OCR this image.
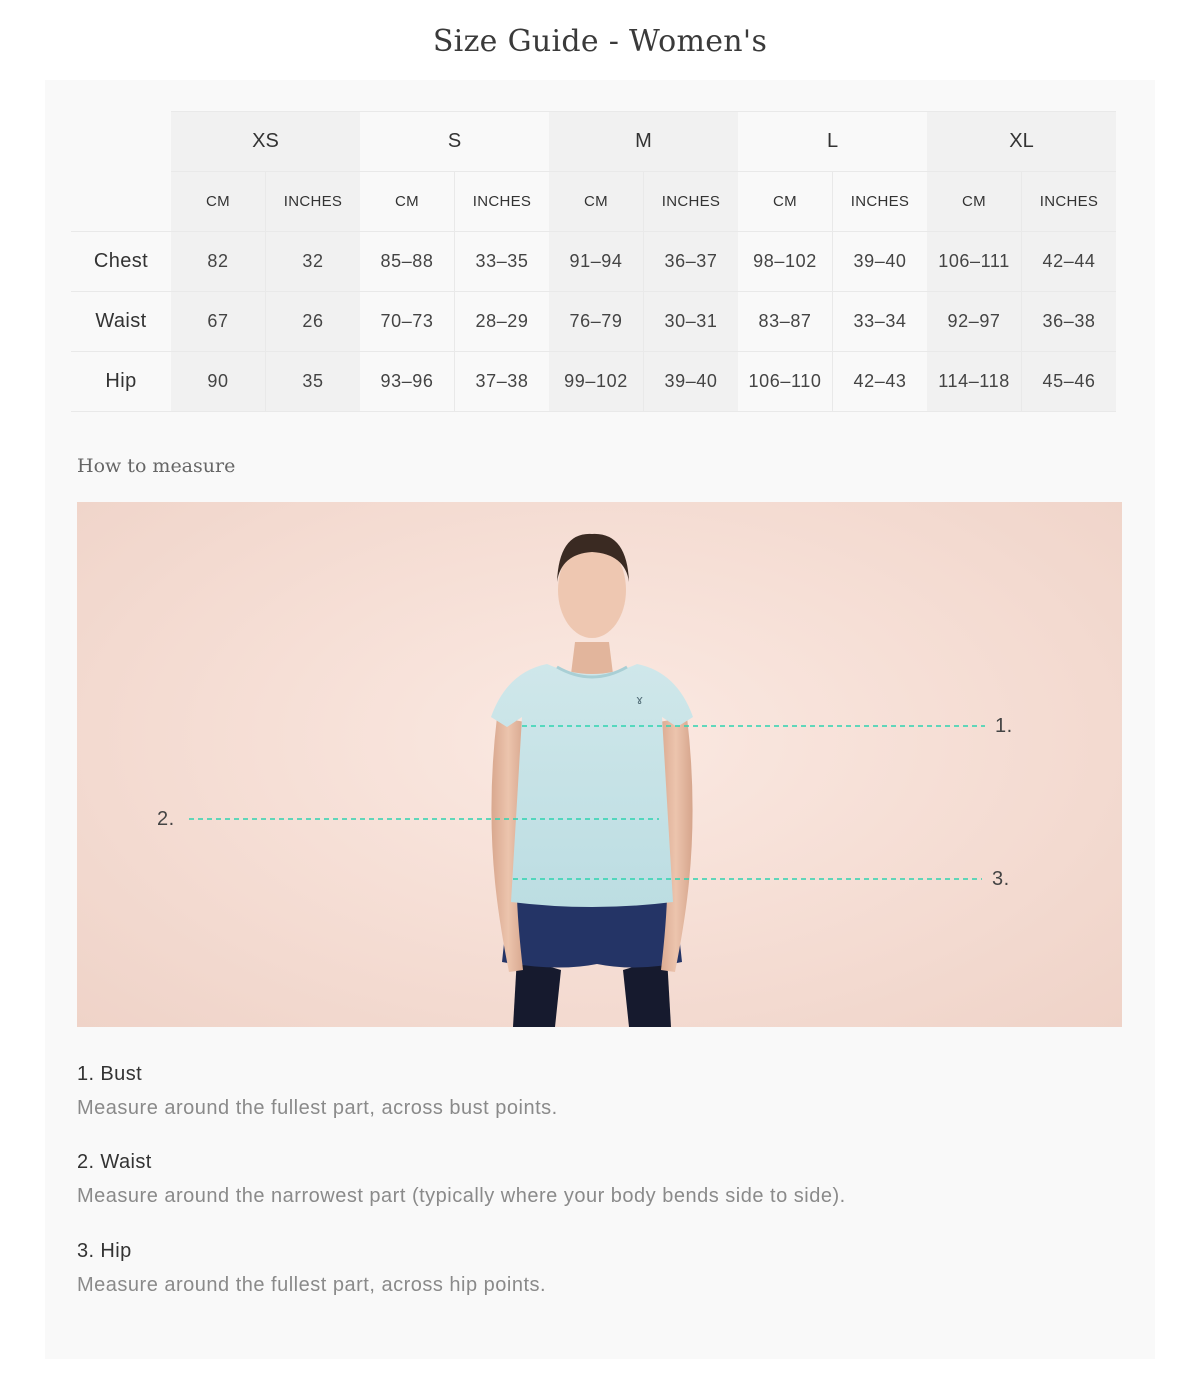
Size Guide - Women's
	XS		S		M		L		XL	
	CM	INCHES	CM	INCHES	CM	INCHES	CM	INCHES	CM	INCHES
Chest	82	32	85–88	33–35	91–94	36–37	98–102	39–40	106–111	42–44
Waist	67	26	70–73	28–29	76–79	30–31	83–87	33–34	92–97	36–38
Hip	90	35	93–96	37–38	99–102	39–40	106–110	42–43	114–118	45–46
How to measure
ɤ
1.
2.
3.
1. Bust
Measure around the fullest part, across bust points.
2. Waist
Measure around the narrowest part (typically where your body bends side to side).
3. Hip
Measure around the fullest part, across hip points.
